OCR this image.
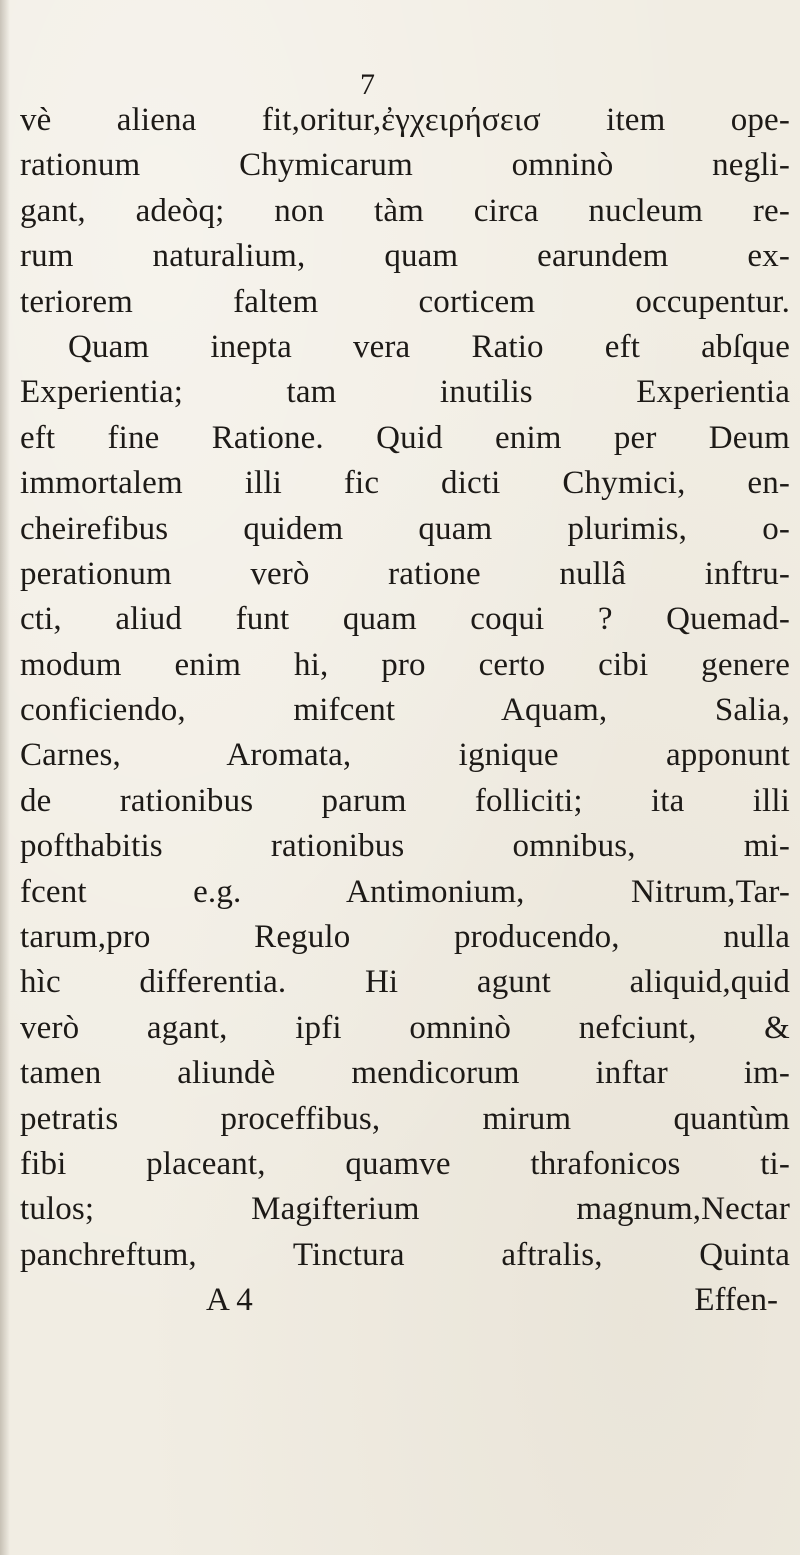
7
vè aliena fit,oritur,ἐγχειρήσεισ item ope-
rationum Chymicarum omninò negli-
gant, adeòq; non tàm circa nucleum re-
rum naturalium, quam earundem ex-
teriorem faltem corticem occupentur.
Quam inepta vera Ratio eft abſque
Experientia; tam inutilis Experientia
eft fine Ratione. Quid enim per Deum
immortalem illi fic dicti Chymici, en-
cheirefibus quidem quam plurimis, o-
perationum verò ratione nullâ inftru-
cti, aliud funt quam coqui ? Quemad-
modum enim hi, pro certo cibi genere
conficiendo, mifcent Aquam, Salia,
Carnes, Aromata, ignique apponunt
de rationibus parum folliciti; ita illi
pofthabitis rationibus omnibus, mi-
fcent e.g. Antimonium, Nitrum,Tar-
tarum,pro Regulo producendo, nulla
hìc differentia. Hi agunt aliquid,quid
verò agant, ipfi omninò nefciunt, &
tamen aliundè mendicorum inftar im-
petratis proceffibus, mirum quantùm
fibi placeant, quamve thrafonicos ti-
tulos; Magifterium magnum,Nectar
panchreftum, Tinctura aftralis, Quinta
A 4	Effen-
